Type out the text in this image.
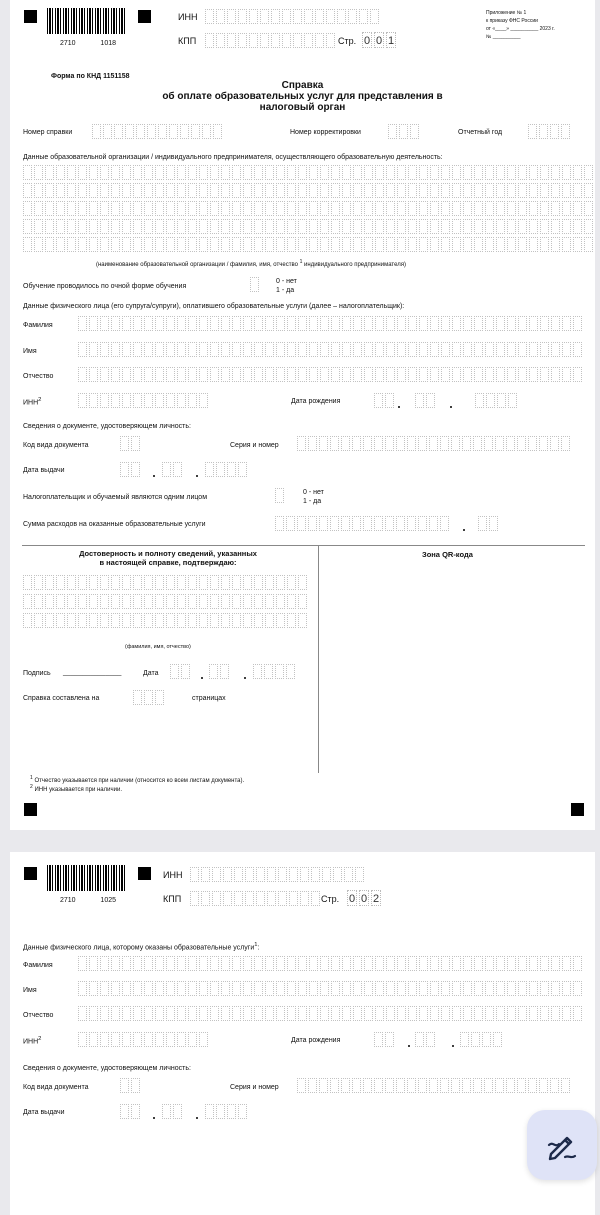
2710	1018
ИНН
КПП	Стр. 0 0 1
Приложение № 1
к приказу ФНС России
от «____» __________ 2023 г.
№ __________
Форма по КНД 1151158
Справка
об оплате образовательных услуг для представления в
налоговый орган
Номер справки	Номер корректировки	Отчетный год
Данные образовательной организации / индивидуального предпринимателя, осуществляющего образовательную деятельность:
(наименование образовательной организации / фамилия, имя, отчество $^1$ индивидуального предпринимателя)
Обучение проводилось по очной форме обучения
0 - нет
1 - да
Данные физического лица (его супруга/супруги), оплатившего образовательные услуги (далее – налогоплательщик):
Фамилия
Имя
Отчество
ИНН$^2$	Дата рождения
Сведения о документе, удостоверяющем личность:
Код вида документа	Серия и номер
Дата выдачи
Налогоплательщик и обучаемый являются одним лицом
0 - нет
1 - да
Сумма расходов на оказанные образовательные услуги
Достоверность и полноту сведений, указанных
в настоящей справке, подтверждаю:
Зона QR-кода
(фамилия, имя, отчество)
Подпись _______________	Дата
Справка составлена на	страницах
$^1$ Отчество указывается при наличии (относится ко всем листам документа).
$^2$ ИНН указывается при наличии.
2710	1025
ИНН
КПП	Стр. 0 0 2
Данные физического лица, которому оказаны образовательные услуги$^1$:
Фамилия
Имя
Отчество
ИНН$^2$	Дата рождения
Сведения о документе, удостоверяющем личность:
Код вида документа	Серия и номер
Дата выдачи
